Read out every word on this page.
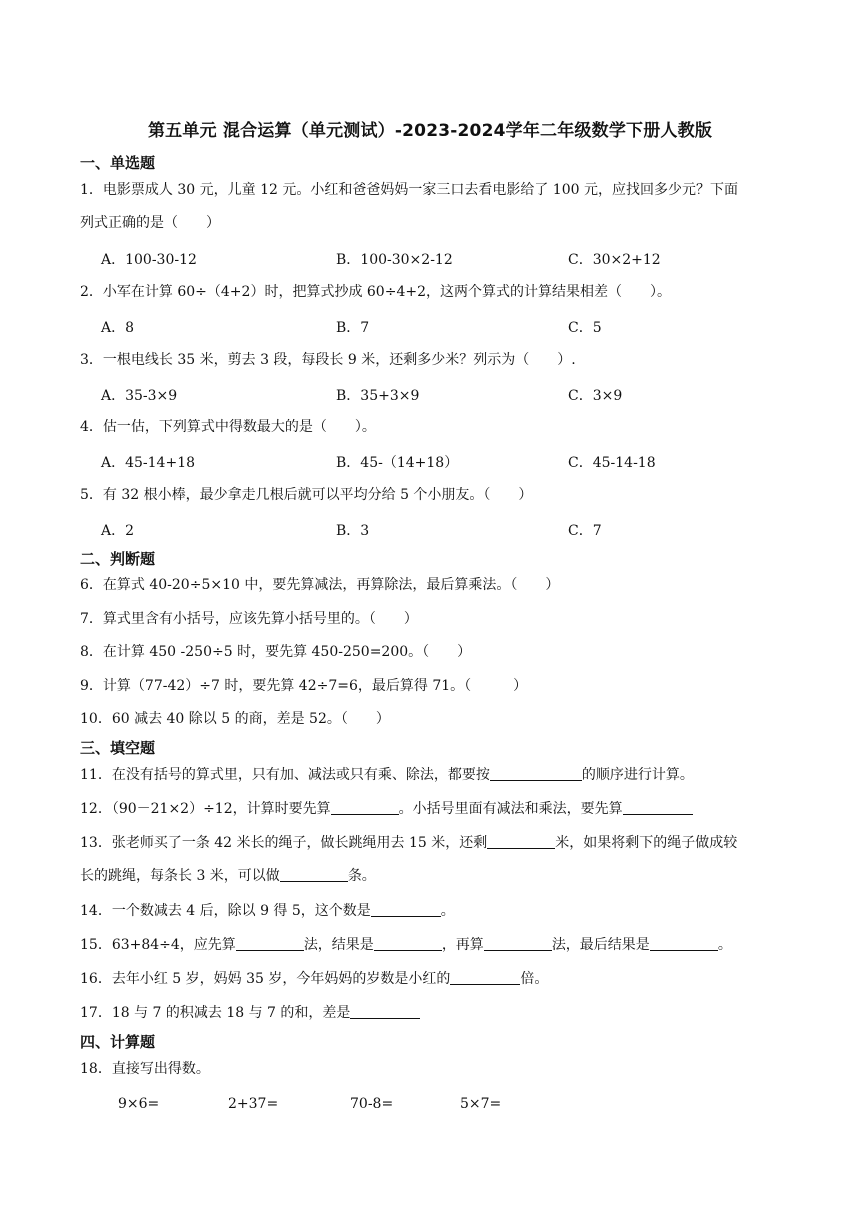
第五单元 混合运算（单元测试）-2023-2024学年二年级数学下册人教版
一、单选题
1．电影票成人 30 元，儿童 12 元。小红和爸爸妈妈一家三口去看电影给了 100 元，应找回多少元？下面
列式正确的是（　　）
A．100-30-12	B．100-30×2-12	C．30×2+12
2．小军在计算 60÷（4+2）时，把算式抄成 60÷4+2，这两个算式的计算结果相差（　　）。
A．8	B．7	C．5
3．一根电线长 35 米，剪去 3 段，每段长 9 米，还剩多少米？列示为（　　）.
A．35-3×9	B．35+3×9	C．3×9
4．估一估，下列算式中得数最大的是（　　）。
A．45-14+18	B．45-（14+18）	C．45-14-18
5．有 32 根小棒，最少拿走几根后就可以平均分给 5 个小朋友。（　　）
A．2	B．3	C．7
二、判断题
6．在算式 40-20÷5×10 中，要先算减法，再算除法，最后算乘法。（　　）
7．算式里含有小括号，应该先算小括号里的。（　　）
8．在计算 450 -250÷5 时，要先算 450-250=200。（　　）
9．计算（77-42）÷7 时，要先算 42÷7=6，最后算得 71。（　　　）
10．60 减去 40 除以 5 的商，差是 52。（　　）
三、填空题
11．在没有括号的算式里，只有加、减法或只有乘、除法，都要按	的顺序进行计算。
12．（90－21×2）÷12，计算时要先算	。小括号里面有减法和乘法，要先算
13．张老师买了一条 42 米长的绳子，做长跳绳用去 15 米，还剩	米，如果将剩下的绳子做成较
长的跳绳，每条长 3 米，可以做	条。
14．一个数减去 4 后，除以 9 得 5，这个数是	。
15．63+84÷4，应先算	法，结果是	，再算	法，最后结果是	。
16．去年小红 5 岁，妈妈 35 岁，今年妈妈的岁数是小红的	倍。
17．18 与 7 的积减去 18 与 7 的和，差是
四、计算题
18．直接写出得数。
9×6=	2+37=	70-8=	5×7=
